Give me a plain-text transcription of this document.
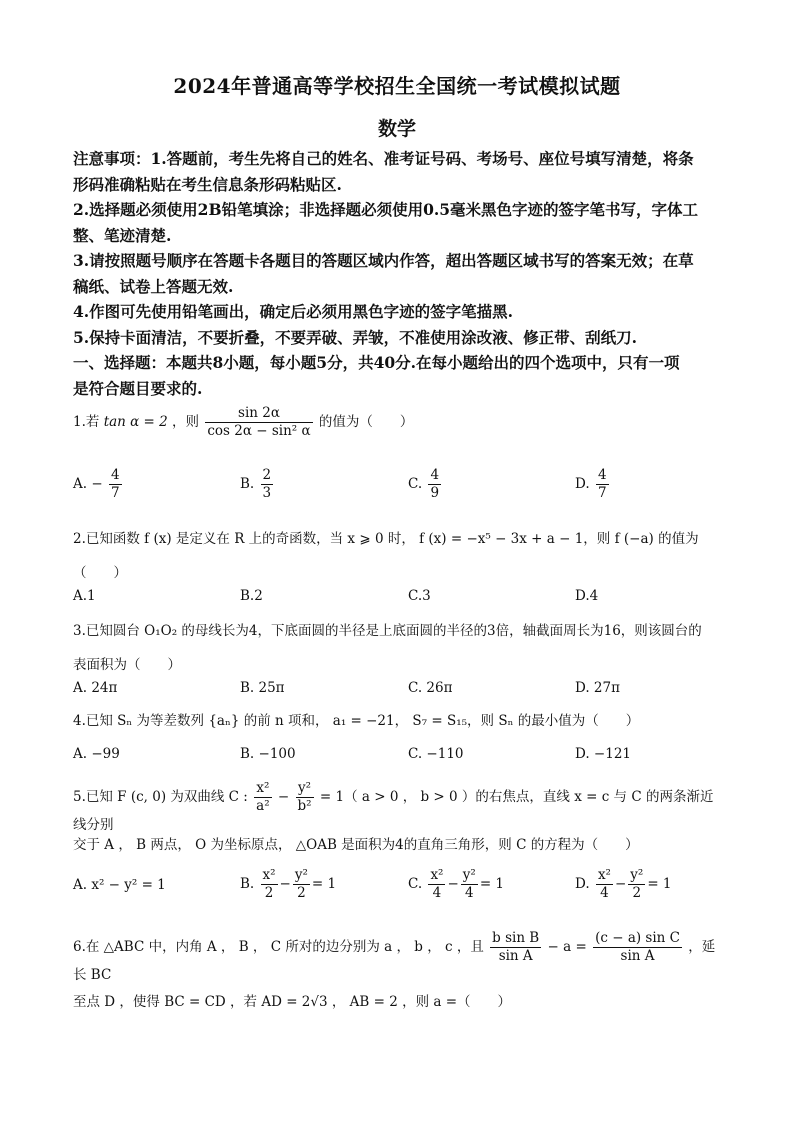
2024年普通高等学校招生全国统一考试模拟试题
数学

注意事项：1.答题前，考生先将自己的姓名、准考证号码、考场号、座位号填写清楚，将条

形码准确粘贴在考生信息条形码粘贴区.

2.选择题必须使用2B铅笔填涂；非选择题必须使用0.5毫米黑色字迹的签字笔书写，字体工

整、笔迹清楚.

3.请按照题号顺序在答题卡各题目的答题区域内作答，超出答题区域书写的答案无效；在草

稿纸、试卷上答题无效.

4.作图可先使用铅笔画出，确定后必须用黑色字迹的签字笔描黑.

5.保持卡面清洁，不要折叠，不要弄破、弄皱，不准使用涂改液、修正带、刮纸刀.

一、选择题：本题共8小题，每小题5分，共40分.在每小题给出的四个选项中，只有一项

是符合题目要求的.

1.若 tan α = 2 ，则 $\frac{\sin 2\alpha}{\text{cos 2α − sin² α}}$ 的值为（　　）
A. − $\frac{4}{7}$	B. $\frac{2}{3}$	C. $\frac{4}{9}$	D. $\frac{4}{7}$
2.已知函数 f (x) 是定义在 R 上的奇函数，当 x ⩾ 0 时， f (x) = −x⁵ − 3x + a − 1，则 f (−a) 的值为
（　　）
A.1	B.2	C.3	D.4
3.已知圆台 O₁O₂ 的母线长为4，下底面圆的半径是上底面圆的半径的3倍，轴截面周长为16，则该圆台的
表面积为（　　）
A. 24π	B. 25π	C. 26π	D. 27π
4.已知 Sₙ 为等差数列 {aₙ} 的前 n 项和， a₁ = −21， S₇ = S₁₅，则 Sₙ 的最小值为（　　）
A. −99	B. −100	C. −110	D. −121
5.已知 F (c, 0) 为双曲线 C : $\frac{\text{x²}}{\text{a²}} - \frac{\text{y²}}{\text{b²}} = 1$（ a > 0 ， b > 0 ）的右焦点，直线 x = c 与 C 的两条渐近线分别
交于 A ， B 两点， O 为坐标原点， △OAB 是面积为4的直角三角形，则 C 的方程为（　　）
A. x² − y² = 1	B. $\frac{\text{x²}}{2} - \frac{\text{y²}}{2} = 1$	C. $\frac{\text{x²}}{4} - \frac{\text{y²}}{4} = 1$	D. $\frac{\text{x²}}{4} - \frac{\text{y²}}{2} = 1$
6.在 △ABC 中，内角 A ， B ， C 所对的边分别为 a ， b ， c ，且 $\frac{\text{b sin B}}{\text{sin A}} - a = \frac{\text{(c − a) sin C}}{\text{sin A}}$ ，延长 BC
至点 D ，使得 BC = CD ，若 AD = 2√3 ， AB = 2 ，则 a =（　　）
